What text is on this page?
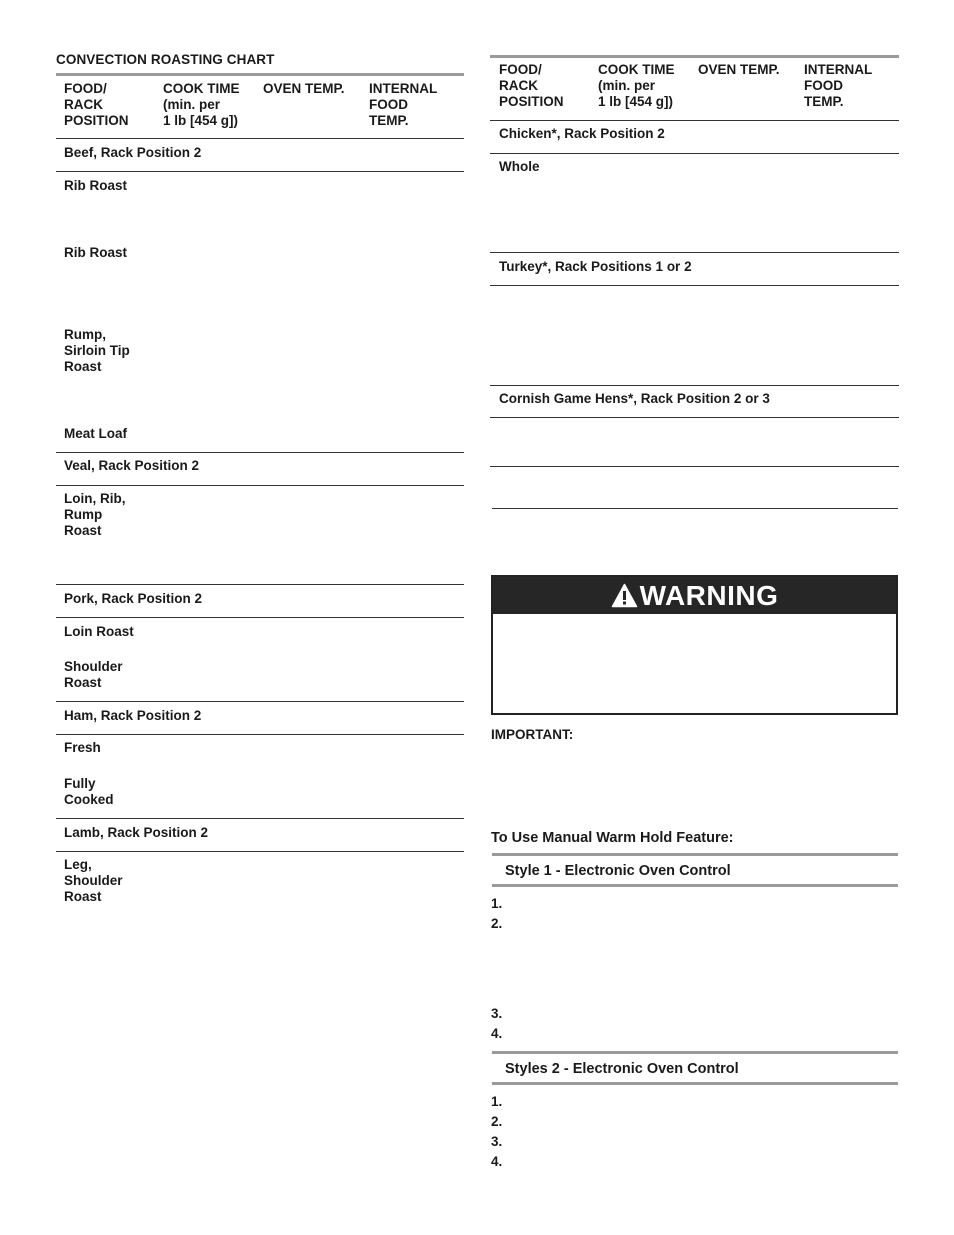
CONVECTION ROASTING CHART
FOOD/
RACK
POSITION
COOK TIME
(min. per
1 lb [454 g])
OVEN TEMP. INTERNAL
FOOD
TEMP.
Beef, Rack Position 2
Rib Roast
Rib Roast
Rump,
Sirloin Tip
Roast
Meat Loaf
Veal, Rack Position 2
Loin, Rib,
Rump
Roast
Pork, Rack Position 2
Loin Roast
Shoulder
Roast
Ham, Rack Position 2
Fresh
Fully
Cooked
Lamb, Rack Position 2
Leg,
Shoulder
Roast
FOOD/
RACK
POSITION
COOK TIME
(min. per
1 lb [454 g])
OVEN TEMP. INTERNAL
FOOD
TEMP.
Chicken*, Rack Position 2
Whole
Turkey*, Rack Positions 1 or 2
Cornish Game Hens*, Rack Position 2 or 3
WARNING
IMPORTANT:
To Use Manual Warm Hold Feature:
Style 1 - Electronic Oven Control
1.
2.
3.
4.
Styles 2 - Electronic Oven Control
1.
2.
3.
4.
